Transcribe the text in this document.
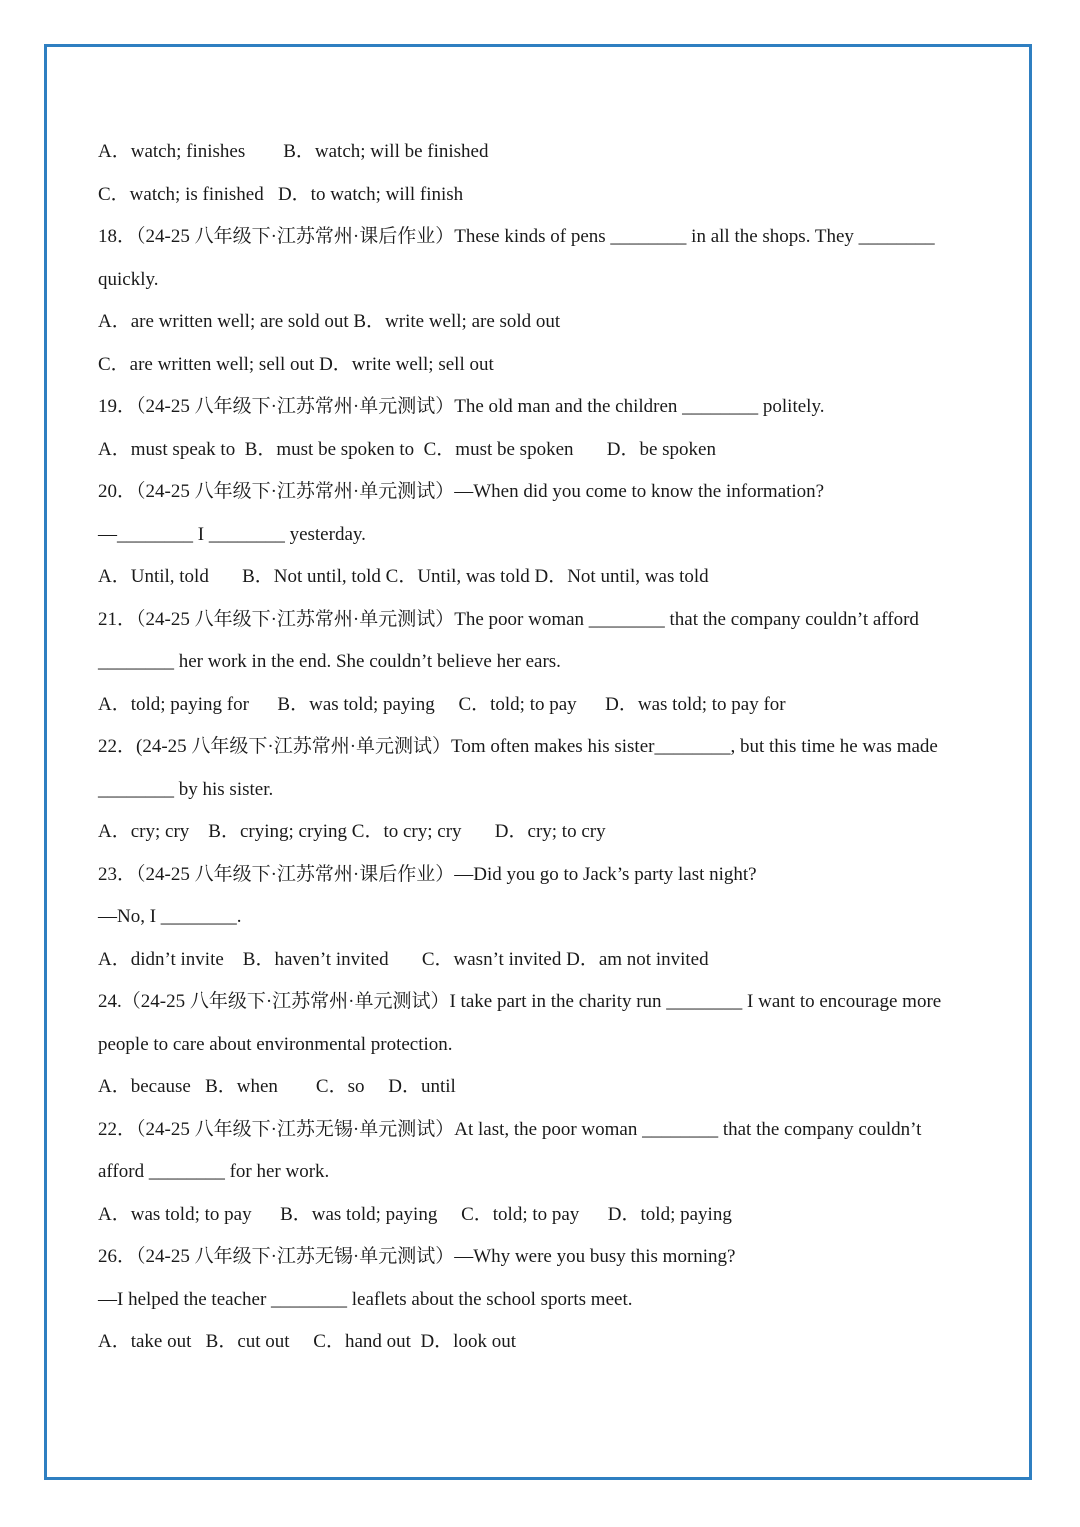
A．watch; finishes        B．watch; will be finished
C．watch; is finished   D．to watch; will finish
18．（24-25 八年级下·江苏常州·课后作业）These kinds of pens ________ in all the shops. They ________
quickly.
A．are written well; are sold out B．write well; are sold out
C．are written well; sell out D．write well; sell out
19．（24-25 八年级下·江苏常州·单元测试）The old man and the children ________ politely.
A．must speak to  B．must be spoken to  C．must be spoken       D．be spoken
20．（24-25 八年级下·江苏常州·单元测试）—When did you come to know the information?
—________ I ________ yesterday.
A．Until, told       B．Not until, told C．Until, was told D．Not until, was told
21．（24-25 八年级下·江苏常州·单元测试）The poor woman ________ that the company couldn’t afford
________ her work in the end. She couldn’t believe her ears.
A．told; paying for      B．was told; paying     C．told; to pay      D．was told; to pay for
22．(24-25 八年级下·江苏常州·单元测试）Tom often makes his sister________, but this time he was made
________ by his sister.
A．cry; cry    B．crying; crying C．to cry; cry       D．cry; to cry
23．（24-25 八年级下·江苏常州·课后作业）—Did you go to Jack’s party last night?
—No, I ________.
A．didn’t invite    B．haven’t invited       C．wasn’t invited D．am not invited
24.（24-25 八年级下·江苏常州·单元测试）I take part in the charity run ________ I want to encourage more
people to care about environmental protection.
A．because   B．when        C．so     D．until
22．（24-25 八年级下·江苏无锡·单元测试）At last, the poor woman ________ that the company couldn’t
afford ________ for her work.
A．was told; to pay      B．was told; paying     C．told; to pay      D．told; paying
26．（24-25 八年级下·江苏无锡·单元测试）—Why were you busy this morning?
—I helped the teacher ________ leaflets about the school sports meet.
A．take out   B．cut out     C．hand out  D．look out
